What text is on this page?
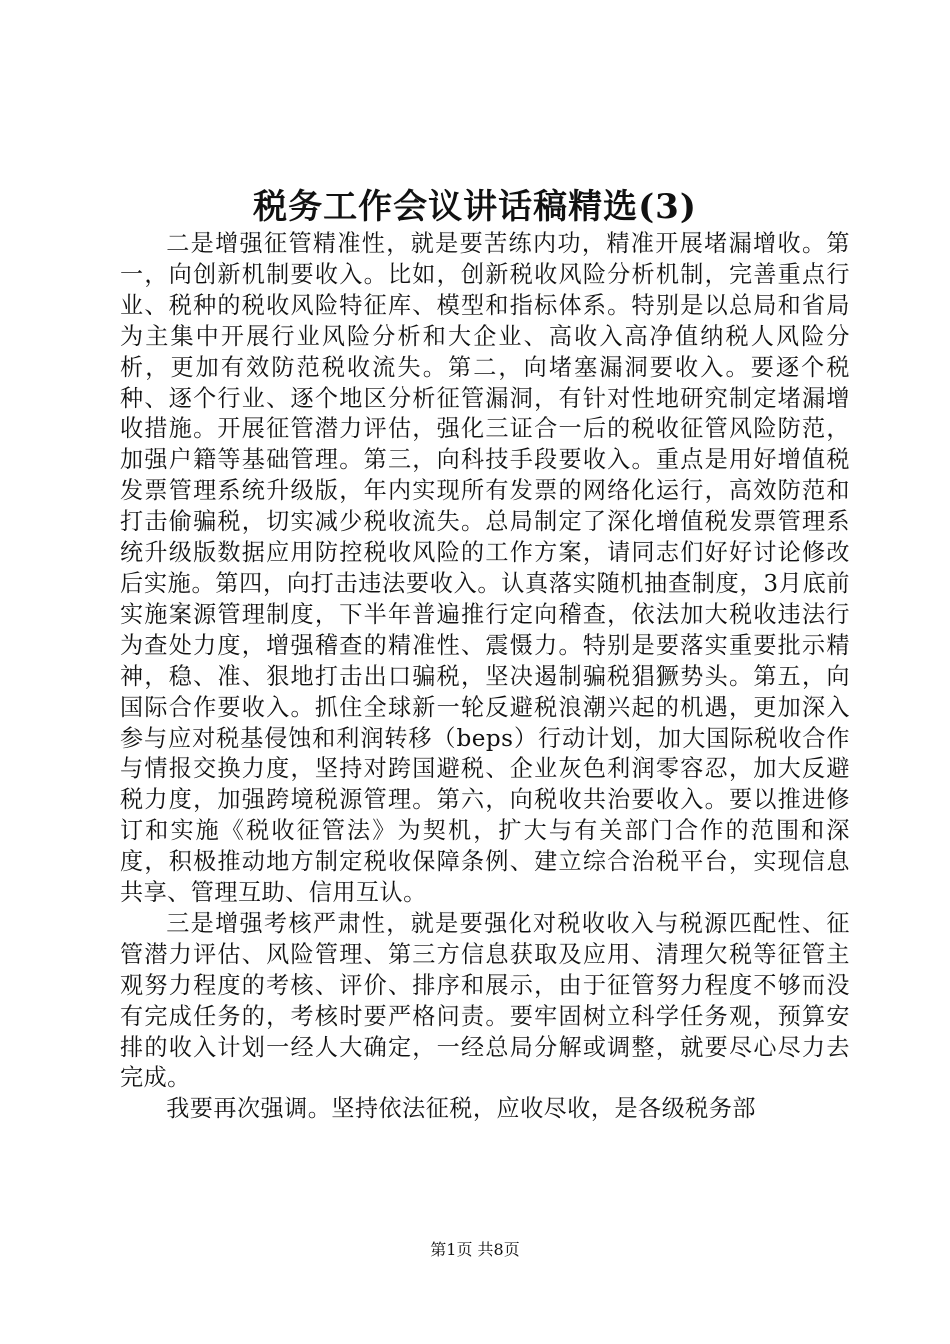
税务工作会议讲话稿精选(3)

二是增强征管精准性，就是要苦练内功，精准开展堵漏增收。第一，向创新机制要收入。比如，创新税收风险分析机制，完善重点行业、税种的税收风险特征库、模型和指标体系。特别是以总局和省局为主集中开展行业风险分析和大企业、高收入高净值纳税人风险分析，更加有效防范税收流失。第二，向堵塞漏洞要收入。要逐个税种、逐个行业、逐个地区分析征管漏洞，有针对性地研究制定堵漏增收措施。开展征管潜力评估，强化三证合一后的税收征管风险防范，加强户籍等基础管理。第三，向科技手段要收入。重点是用好增值税发票管理系统升级版，年内实现所有发票的网络化运行，高效防范和打击偷骗税，切实减少税收流失。总局制定了深化增值税发票管理系统升级版数据应用防控税收风险的工作方案，请同志们好好讨论修改后实施。第四，向打击违法要收入。认真落实随机抽查制度，3月底前实施案源管理制度，下半年普遍推行定向稽查，依法加大税收违法行为查处力度，增强稽查的精准性、震慑力。特别是要落实重要批示精神，稳、准、狠地打击出口骗税，坚决遏制骗税猖獗势头。第五，向国际合作要收入。抓住全球新一轮反避税浪潮兴起的机遇，更加深入参与应对税基侵蚀和利润转移（beps）行动计划，加大国际税收合作与情报交换力度，坚持对跨国避税、企业灰色利润零容忍，加大反避税力度，加强跨境税源管理。第六，向税收共治要收入。要以推进修订和实施《税收征管法》为契机，扩大与有关部门合作的范围和深度，积极推动地方制定税收保障条例、建立综合治税平台，实现信息共享、管理互助、信用互认。

三是增强考核严肃性，就是要强化对税收收入与税源匹配性、征管潜力评估、风险管理、第三方信息获取及应用、清理欠税等征管主观努力程度的考核、评价、排序和展示，由于征管努力程度不够而没有完成任务的，考核时要严格问责。要牢固树立科学任务观，预算安排的收入计划一经人大确定，一经总局分解或调整，就要尽心尽力去完成。

我要再次强调。坚持依法征税，应收尽收，是各级税务部

第1页 共8页
